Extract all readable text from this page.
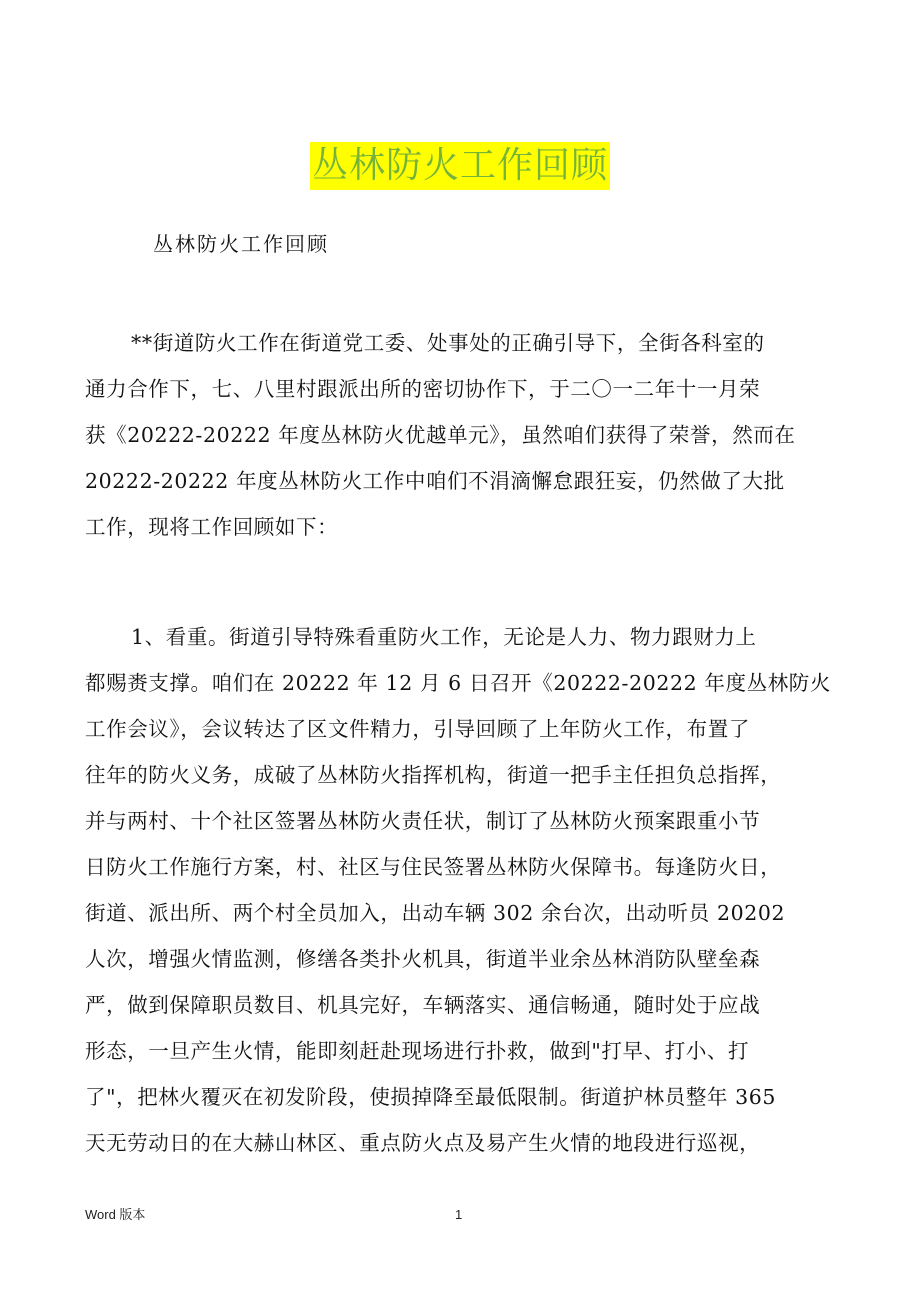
丛林防火工作回顾
丛林防火工作回顾
**街道防火工作在街道党工委、处事处的正确引导下，全街各科室的
通力合作下，七、八里村跟派出所的密切协作下，于二〇一二年十一月荣
获《20222-20222 年度丛林防火优越单元》，虽然咱们获得了荣誉，然而在
20222-20222 年度丛林防火工作中咱们不涓滴懈怠跟狂妄，仍然做了大批
工作，现将工作回顾如下：
1、看重。街道引导特殊看重防火工作，无论是人力、物力跟财力上
都赐赉支撑。咱们在 20222 年 12 月 6 日召开《20222-20222 年度丛林防火
工作会议》，会议转达了区文件精力，引导回顾了上年防火工作，布置了
往年的防火义务，成破了丛林防火指挥机构，街道一把手主任担负总指挥，
并与两村、十个社区签署丛林防火责任状，制订了丛林防火预案跟重小节
日防火工作施行方案，村、社区与住民签署丛林防火保障书。每逢防火日，
街道、派出所、两个村全员加入，出动车辆 302 余台次，出动听员 20202
人次，增强火情监测，修缮各类扑火机具，街道半业余丛林消防队壁垒森
严，做到保障职员数目、机具完好，车辆落实、通信畅通，随时处于应战
形态，一旦产生火情，能即刻赶赴现场进行扑救，做到"打早、打小、打
了"，把林火覆灭在初发阶段，使损掉降至最低限制。街道护林员整年 365
天无劳动日的在大赫山林区、重点防火点及易产生火情的地段进行巡视，
Word 版本	1
